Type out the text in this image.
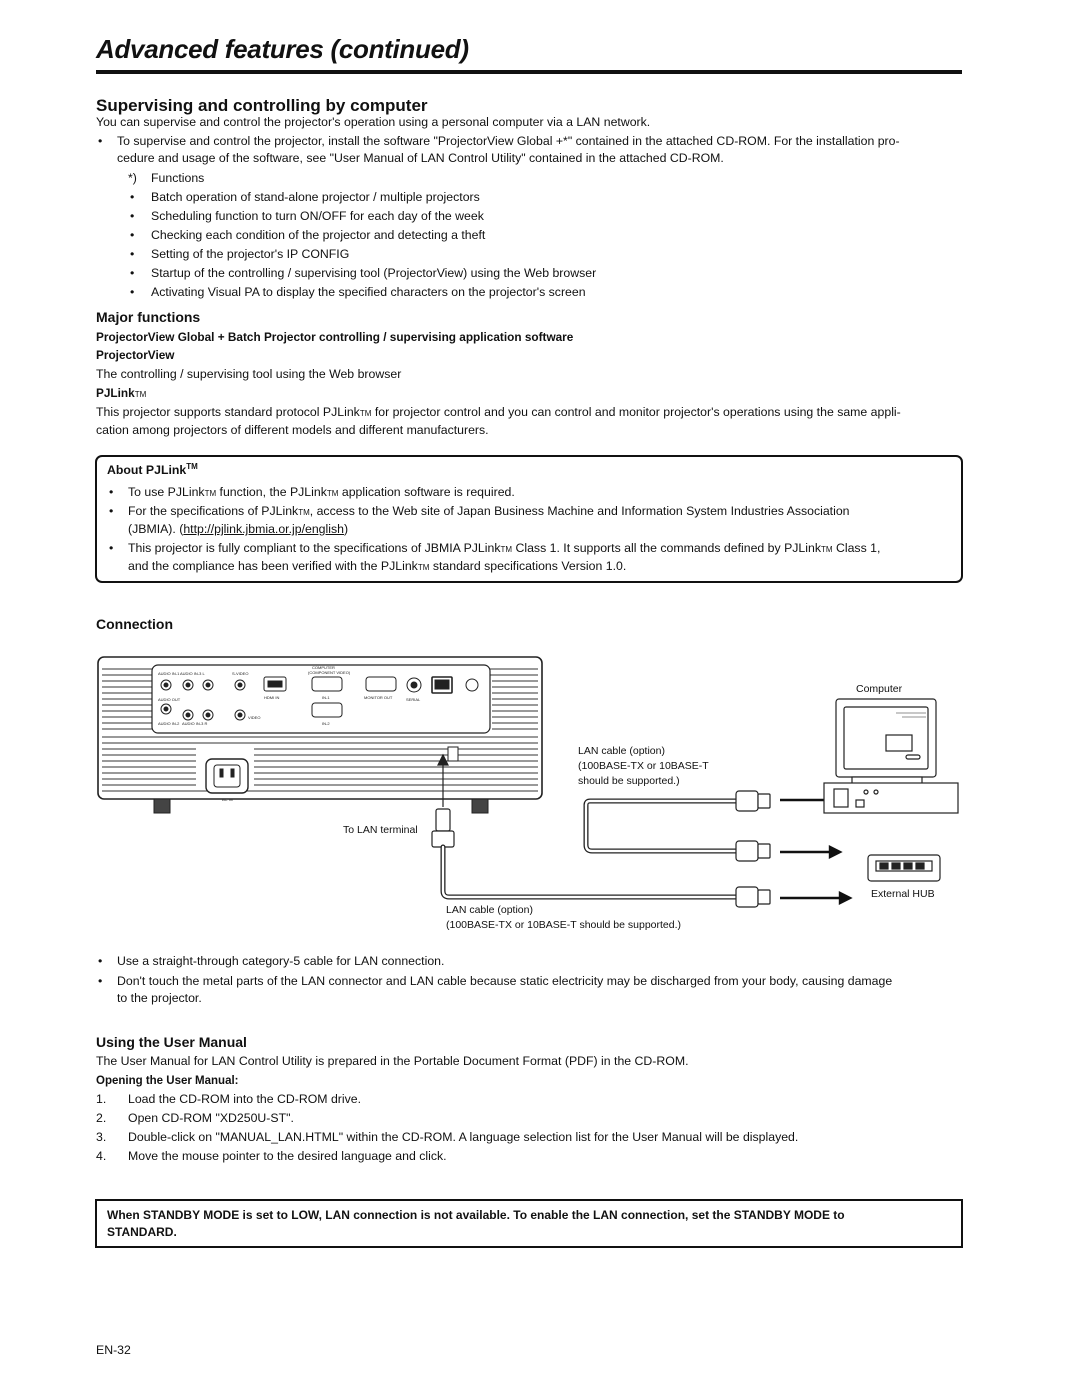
Advanced features (continued)

Supervising and controlling by computer

You can supervise and control the projector's operation using a personal computer via a LAN network.

• To supervise and control the projector, install the software "ProjectorView Global +*" contained in the attached CD-ROM. For the installation pro-
cedure and usage of the software, see "User Manual of LAN Control Utility" contained in the attached CD-ROM.
*) Functions
• Batch operation of stand-alone projector / multiple projectors
• Scheduling function to turn ON/OFF for each day of the week
• Checking each condition of the projector and detecting a theft
• Setting of the projector's IP CONFIG
• Startup of the controlling / supervising tool (ProjectorView) using the Web browser
• Activating Visual PA to display the specified characters on the projector's screen

Major functions

ProjectorView Global + Batch Projector controlling / supervising application software

ProjectorView

The controlling / supervising tool using the Web browser

PJLinkTM

This projector supports standard protocol PJLinkTM for projector control and you can control and monitor projector's operations using the same appli-
cation among projectors of different models and different manufacturers.

About PJLink™
• To use PJLinkTM function, the PJLinkTM application software is required.
• For the specifications of PJLinkTM, access to the Web site of Japan Business Machine and Information System Industries Association
(JBMIA). (http://pjlink.jbmia.or.jp/english)
• This projector is fully compliant to the specifications of JBMIA PJLinkTM Class 1. It supports all the commands defined by PJLinkTM Class 1,
and the compliance has been verified with the PJLinkTM standard specifications Version 1.0.

Connection

AUDIO IN-1 AUDIO IN-3 L	S-VIDEO
COMPUTER
(COMPONENT VIDEO)
HDMI IN	IN-1	MONITOR OUT	SERIAL
AUDIO OUT
AUDIO IN-2 AUDIO IN-3 R
VIDEO
IN-2
AC IN
Computer
LAN cable (option)
(100BASE-TX or 10BASE-T
should be supported.)
To LAN terminal
External HUB
LAN cable (option)
(100BASE-TX or 10BASE-T should be supported.)
• Use a straight-through category-5 cable for LAN connection.
• Don't touch the metal parts of the LAN connector and LAN cable because static electricity may be discharged from your body, causing damage
to the projector.

Using the User Manual

The User Manual for LAN Control Utility is prepared in the Portable Document Format (PDF) in the CD-ROM.

Opening the User Manual:

1. Load the CD-ROM into the CD-ROM drive.
2. Open CD-ROM "XD250U-ST".
3. Double-click on "MANUAL_LAN.HTML" within the CD-ROM. A language selection list for the User Manual will be displayed.
4. Move the mouse pointer to the desired language and click.
When STANDBY MODE is set to LOW, LAN connection is not available. To enable the LAN connection, set the STANDBY MODE to
STANDARD.
EN-32
